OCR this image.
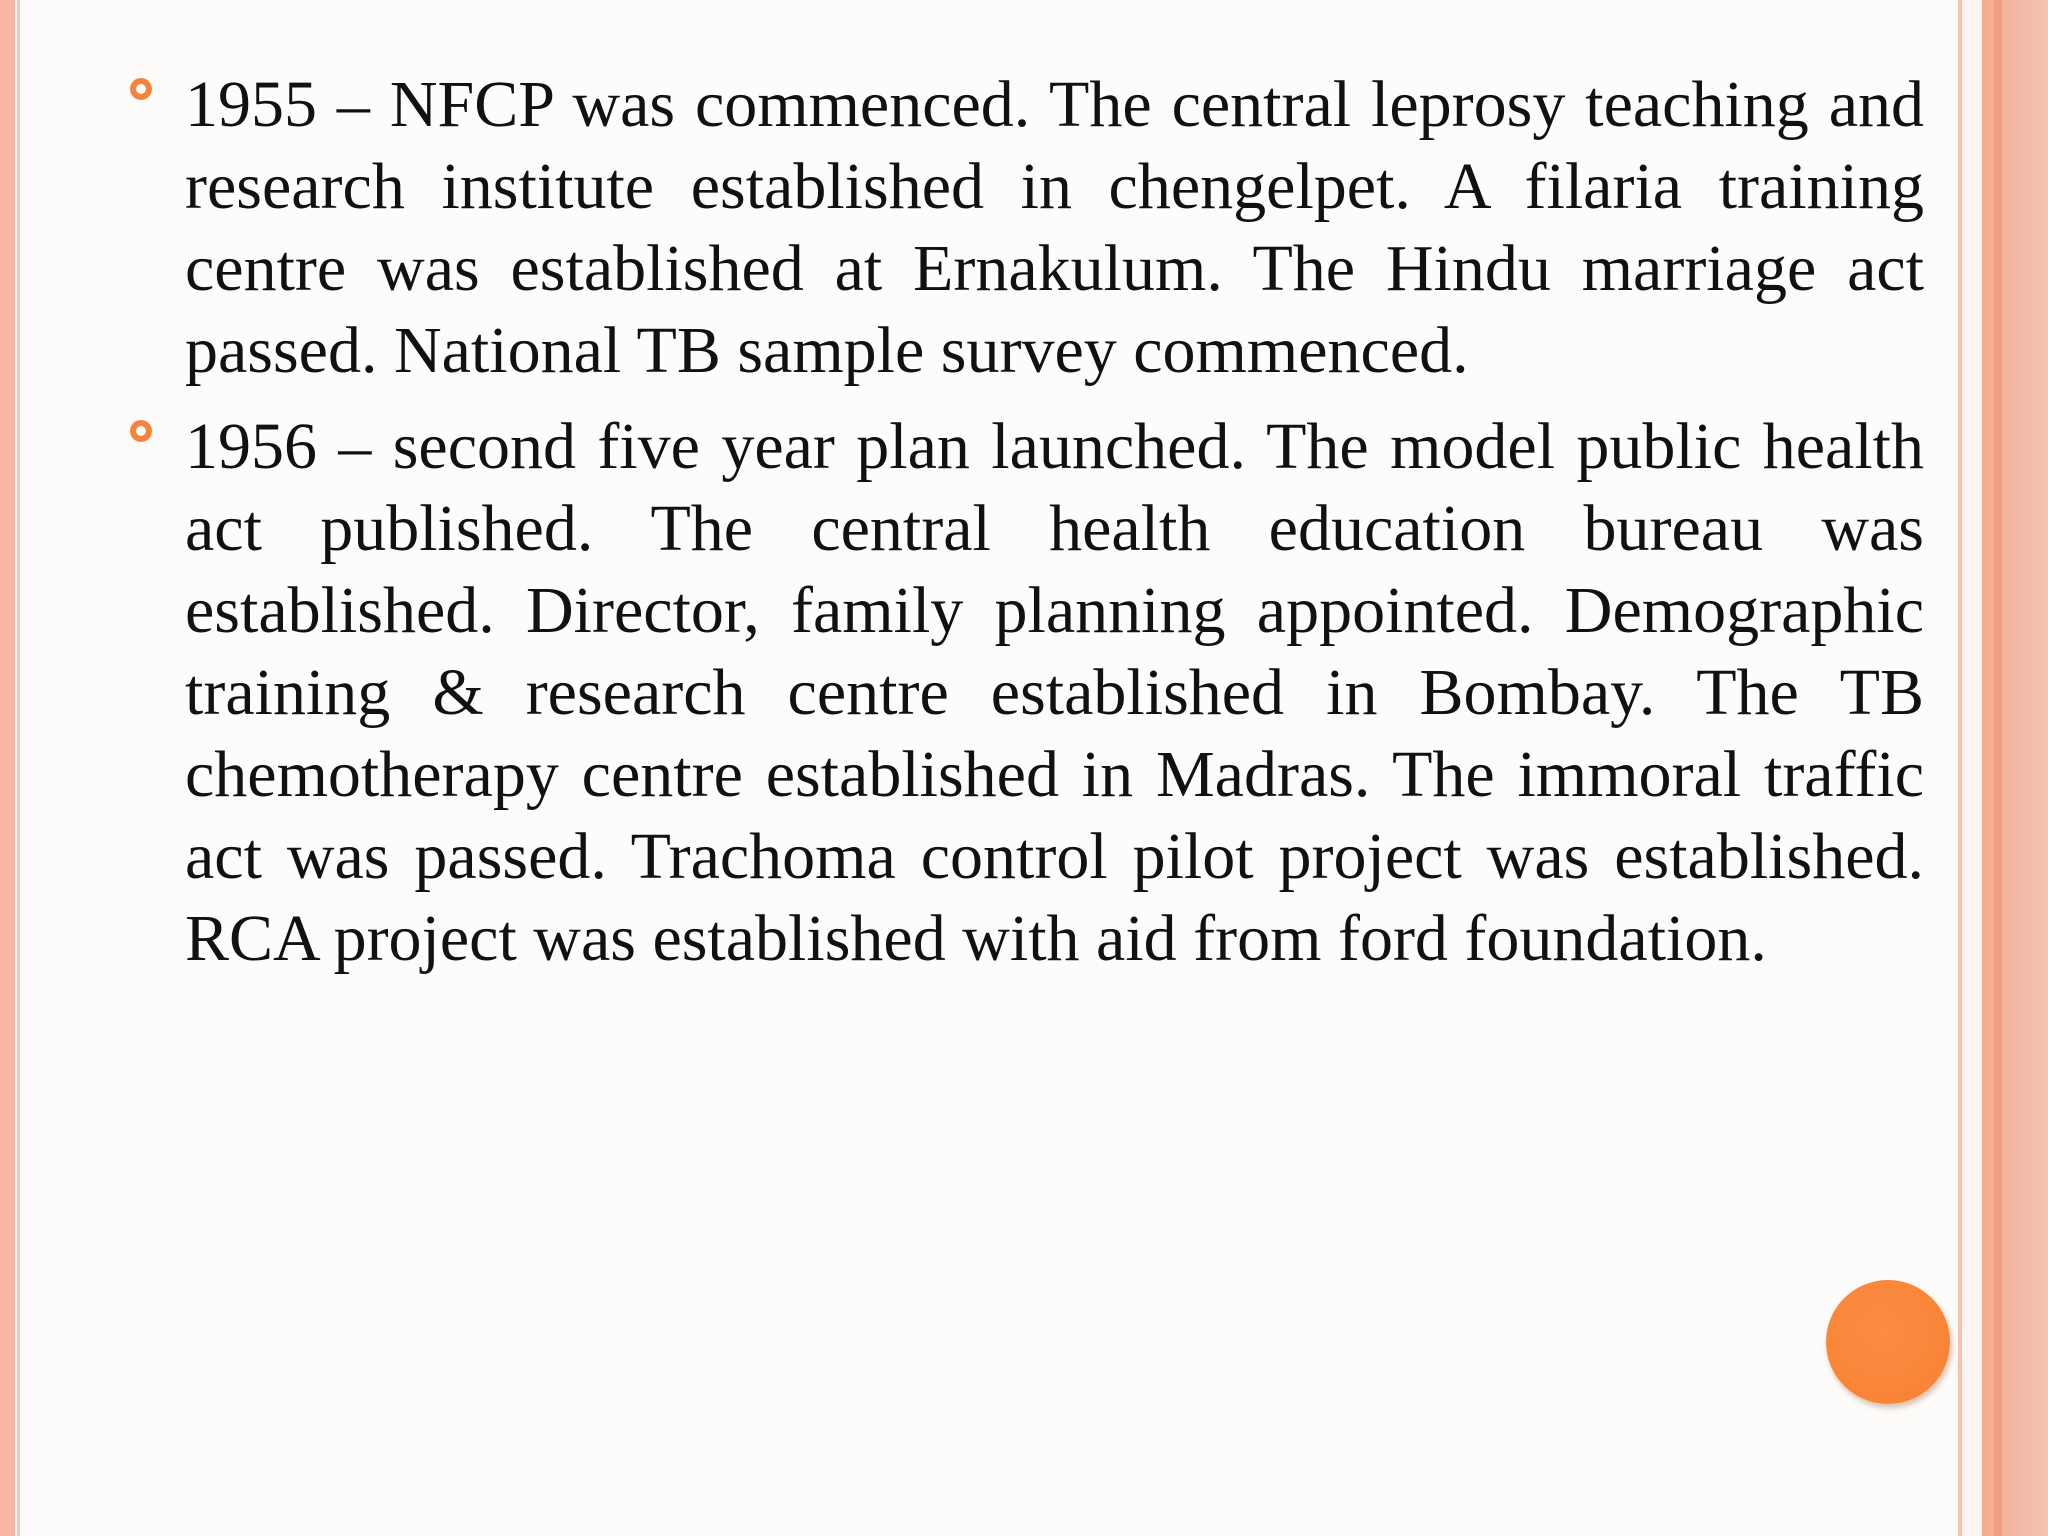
1955 – NFCP was commenced. The central leprosy teaching and research institute established in chengelpet. A filaria training centre was established at Ernakulum. The Hindu marriage act passed. National TB sample survey commenced.

1956 – second five year plan launched. The model public health act published. The central health education bureau was established. Director, family planning appointed. Demographic training & research centre established in Bombay. The TB chemotherapy centre established in Madras. The immoral traffic act was passed. Trachoma control pilot project was established. RCA project was established with aid from ford foundation.
